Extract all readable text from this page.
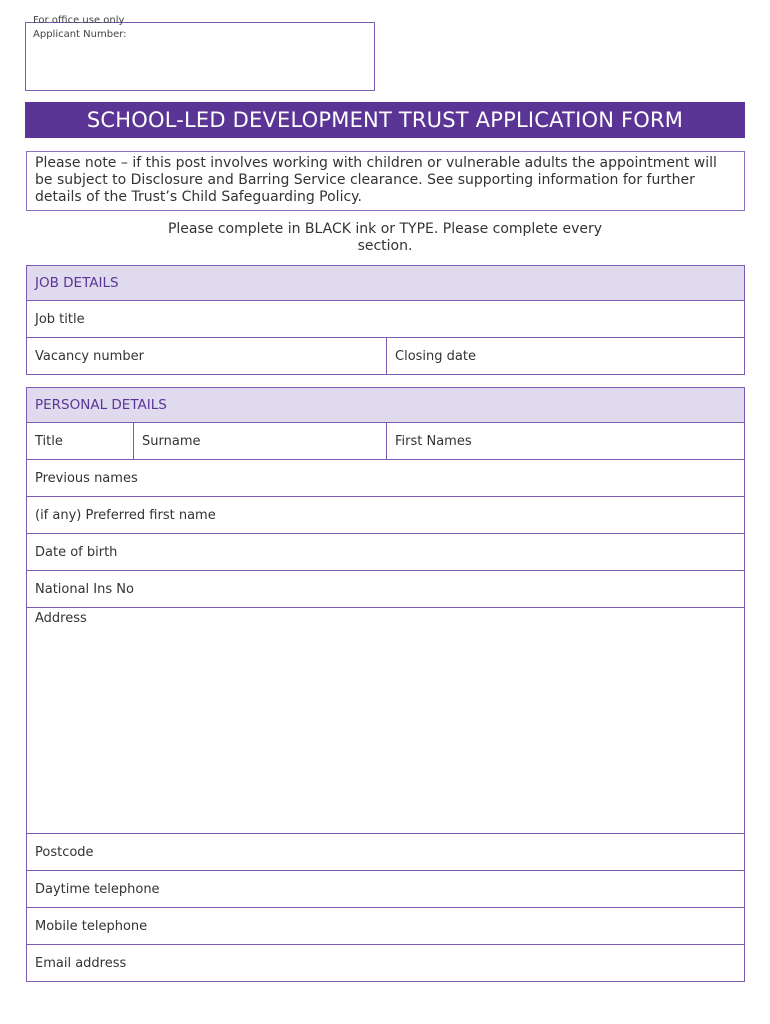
For office use only
Applicant Number:
SCHOOL-LED DEVELOPMENT TRUST APPLICATION FORM
Please note – if this post involves working with children or vulnerable adults the appointment will be subject to Disclosure and Barring Service clearance. See supporting information for further details of the Trust’s Child Safeguarding Policy.
Please complete in BLACK ink or TYPE. Please complete every section.
JOB DETAILS
Job title
Vacancy number	Closing date
PERSONAL DETAILS
Title	Surname	First Names
Previous names
(if any) Preferred first name
Date of birth
National Ins No
Address
Postcode
Daytime telephone
Mobile telephone
Email address
